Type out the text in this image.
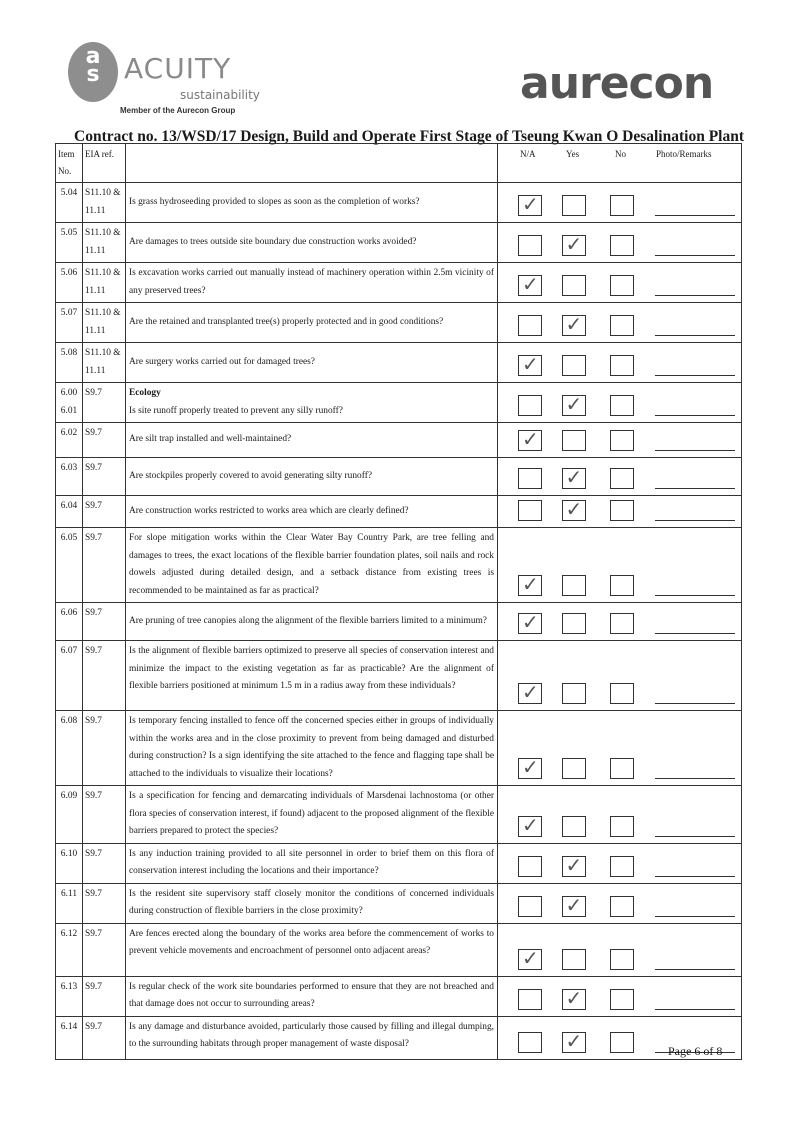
a
s ACUITY
sustainability
Member of the Aurecon Group
aurecon
Contract no. 13/WSD/17 Design, Build and Operate First Stage of Tseung Kwan O Desalination Plant
Item No.	EIA ref.		N/A Yes No Photo/Remarks			

5.04	S11.10 & 11.11	Is grass hydroseeding provided to slopes as soon as the completion of works?	✓			

5.05	S11.10 & 11.11	Are damages to trees outside site boundary due construction works avoided?		✓		

5.06	S11.10 & 11.11	Is excavation works carried out manually instead of machinery operation within 2.5m vicinity of any preserved trees?	✓			

5.07	S11.10 & 11.11	Are the retained and transplanted tree(s) properly protected and in good conditions?		✓		

5.08	S11.10 & 11.11	Are surgery works carried out for damaged trees?	✓			

6.00 6.01	S9.7	Ecology
Is site runoff properly treated to prevent any silly runoff?		✓		

6.02	S9.7	Are silt trap installed and well-maintained?	✓			

6.03	S9.7	Are stockpiles properly covered to avoid generating silty runoff?		✓		

6.04	S9.7	Are construction works restricted to works area which are clearly defined?		✓		

6.05	S9.7	For slope mitigation works within the Clear Water Bay Country Park, are tree felling and damages to trees, the exact locations of the flexible barrier foundation plates, soil nails and rock dowels adjusted during detailed design, and a setback distance from existing trees is recommended to be maintained as far as practical?	✓			

6.06	S9.7	Are pruning of tree canopies along the alignment of the flexible barriers limited to a minimum?	✓			

6.07	S9.7	Is the alignment of flexible barriers optimized to preserve all species of conservation interest and minimize the impact to the existing vegetation as far as practicable? Are the alignment of flexible barriers positioned at minimum 1.5 m in a radius away from these individuals?	✓			

6.08	S9.7	Is temporary fencing installed to fence off the concerned species either in groups of individually within the works area and in the close proximity to prevent from being damaged and disturbed during construction? Is a sign identifying the site attached to the fence and flagging tape shall be attached to the individuals to visualize their locations?	✓			

6.09	S9.7	Is a specification for fencing and demarcating individuals of Marsdenai lachnostoma (or other flora species of conservation interest, if found) adjacent to the proposed alignment of the flexible barriers prepared to protect the species?	✓			

6.10	S9.7	Is any induction training provided to all site personnel in order to brief them on this flora of conservation interest including the locations and their importance?		✓		

6.11	S9.7	Is the resident site supervisory staff closely monitor the conditions of concerned individuals during construction of flexible barriers in the close proximity?		✓		

6.12	S9.7	Are fences erected along the boundary of the works area before the commencement of works to prevent vehicle movements and encroachment of personnel onto adjacent areas?	✓			

6.13	S9.7	Is regular check of the work site boundaries performed to ensure that they are not breached and that damage does not occur to surrounding areas?		✓		

6.14	S9.7	Is any damage and disturbance avoided, particularly those caused by filling and illegal dumping, to the surrounding habitats through proper management of waste disposal?		✓		

		Page 6 of 8
